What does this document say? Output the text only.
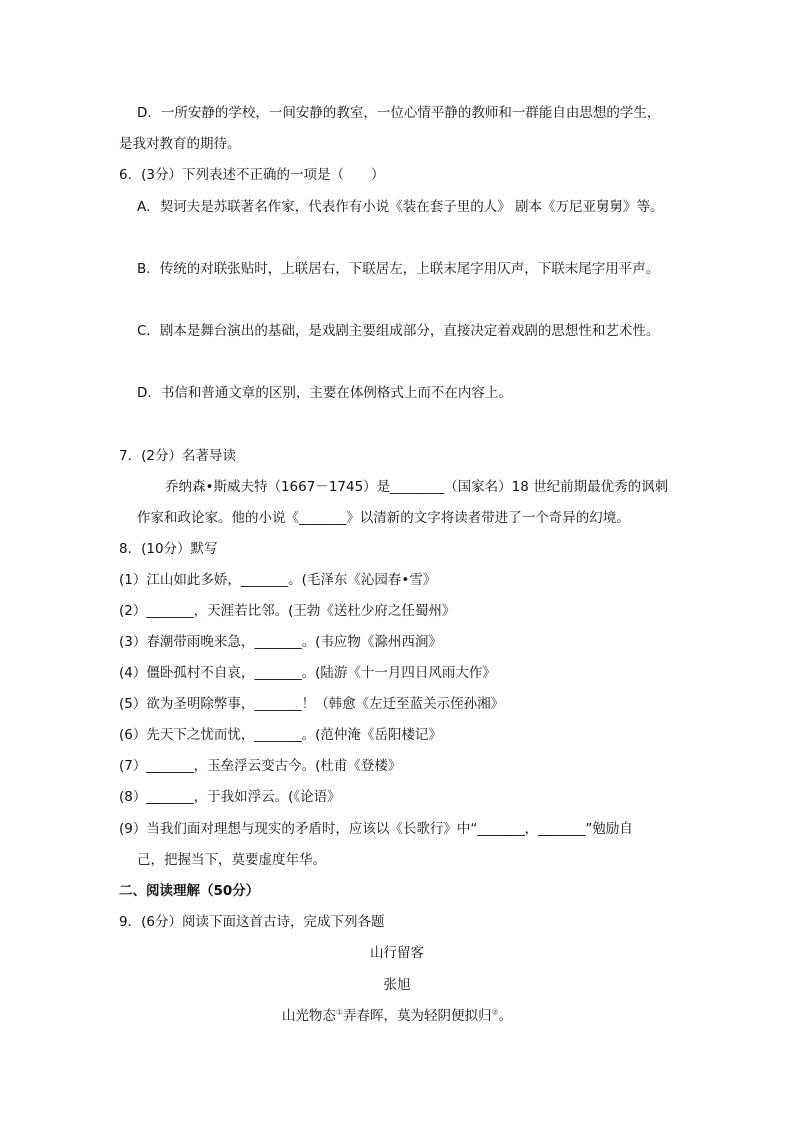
D．一所安静的学校，一间安静的教室，一位心情平静的教师和一群能自由思想的学生，
是我对教育的期待。
6．(3分）下列表述不正确的一项是（　　）
A．契诃夫是苏联著名作家，代表作有小说《装在套子里的人》 剧本《万尼亚舅舅》等。
B．传统的对联张贴时，上联居右，下联居左，上联末尾字用仄声，下联末尾字用平声。
C．剧本是舞台演出的基础，是戏剧主要组成部分，直接决定着戏剧的思想性和艺术性。
D．书信和普通文章的区别，主要在体例格式上而不在内容上。
7．(2分）名著导读
乔纳森•斯威夫特（1667－1745）是________（国家名）18 世纪前期最优秀的讽刺
作家和政论家。他的小说《_______》以清新的文字将读者带进了一个奇异的幻境。
8．(10分）默写
(1）江山如此多娇，_______。(毛泽东《沁园春•雪》
(2）_______，天涯若比邻。(王勃《送杜少府之任蜀州》
(3）春潮带雨晚来急，_______。(韦应物《滁州西涧》
(4）僵卧孤村不自哀，_______。(陆游《十一月四日风雨大作》
(5）欲为圣明除弊事，_______！（韩愈《左迁至蓝关示侄孙湘》
(6）先天下之忧而忧，_______。(范仲淹《岳阳楼记》
(7）_______，玉垒浮云变古今。(杜甫《登楼》
(8）_______，于我如浮云。(《论语》
(9）当我们面对理想与现实的矛盾时，应该以《长歌行》中“_______，_______”勉励自
己，把握当下，莫要虚度年华。
二、阅读理解（50分）
9．(6分）阅读下面这首古诗，完成下列各题
山行留客
张旭
山光物态①弄春晖，莫为轻阴便拟归②。
